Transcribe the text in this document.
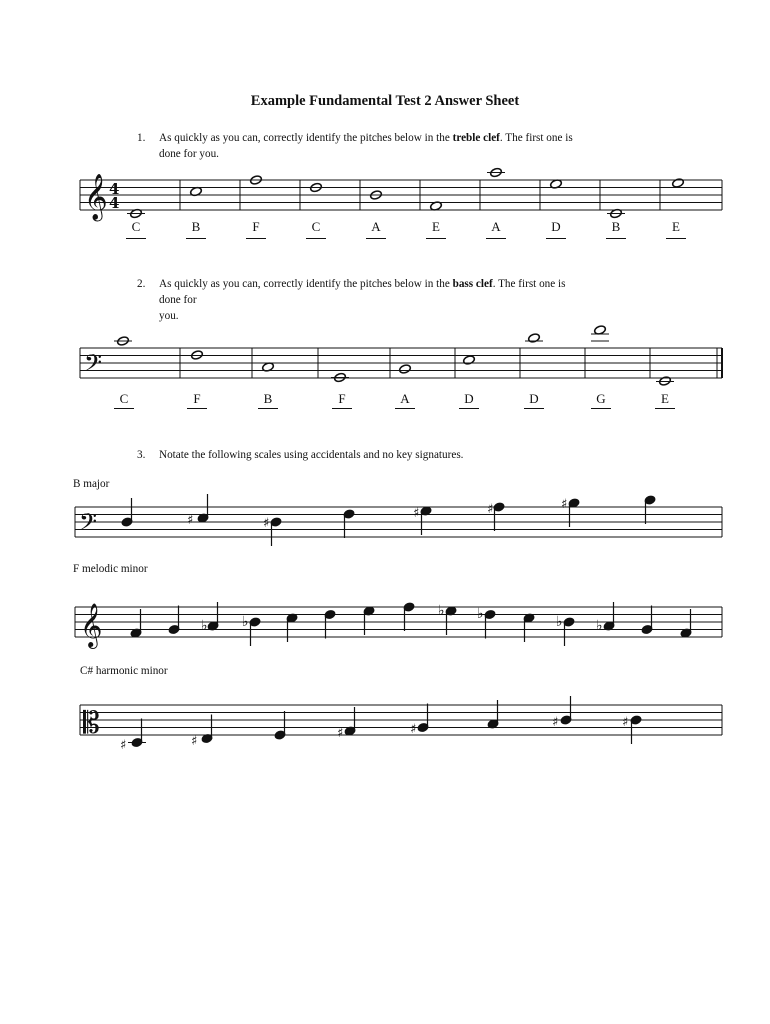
Example Fundamental Test 2 Answer Sheet
1.	As quickly as you can, correctly identify the pitches below in the treble clef. The first one is
done for you.
2.	As quickly as you can, correctly identify the pitches below in the bass clef. The first one is
done for
you.
3.	Notate the following scales using accidentals and no key signatures.
B major
F melodic minor
C# harmonic minor
C	B	F	C	A	E	A	D	B	E
C	F	B	F	A	D	D	G	E
𝄞 4
4
𝄢
𝄢
𝄞
𝄡
♯	♯
♯	♯	♯
♭ ♭
♭ ♭	♭ ♭
♯	♯
♯	♯	♯	♯
